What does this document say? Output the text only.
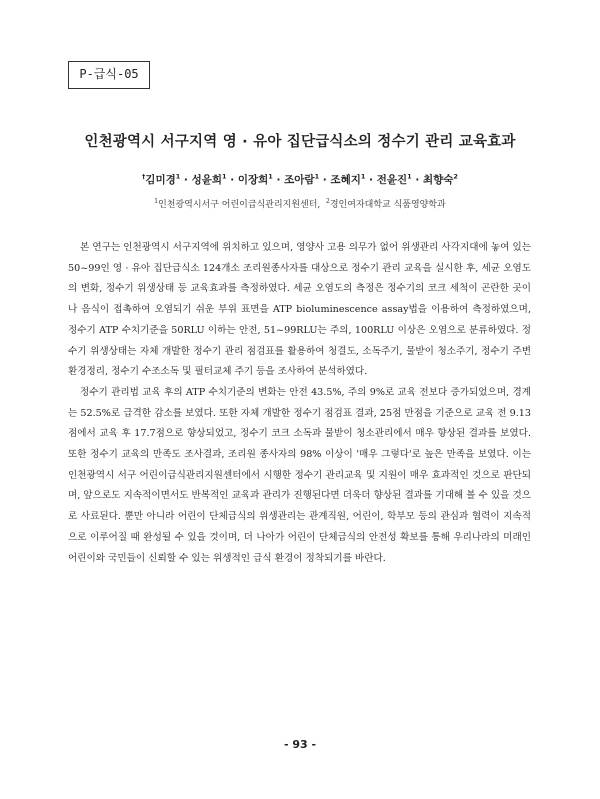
P-급식-05
인천광역시 서구지역 영 · 유아 집단급식소의 정수기 관리 교육효과
†김미경$^1$ · 성윤희$^1$ · 이장희$^1$ · 조아람$^1$ · 조혜지$^1$ · 전윤진$^1$ · 최향숙$^2$
$^1$인천광역시서구 어린이급식관리지원센터, $^2$경인여자대학교 식품영양학과

본 연구는 인천광역시 서구지역에 위치하고 있으며, 영양사 고용 의무가 없어 위생관리 사각지대에 놓여 있는 50~99인 영 · 유아 집단급식소 124개소 조리원종사자를 대상으로 정수기 관리 교육을 실시한 후, 세균 오염도의 변화, 정수기 위생상태 등 교육효과를 측정하였다. 세균 오염도의 측정은 정수기의 코크 세척이 곤란한 곳이나 음식이 접촉하여 오염되기 쉬운 부위 표면을 ATP bioluminescence assay법을 이용하여 측정하였으며, 정수기 ATP 수치기준을 50RLU 이하는 안전, 51~99RLU는 주의, 100RLU 이상은 오염으로 분류하였다. 정수기 위생상태는 자체 개발한 정수기 관리 점검표를 활용하여 청결도, 소독주기, 물받이 청소주기, 정수기 주변 환경정리, 정수기 수조소독 및 필터교체 주기 등을 조사하여 분석하였다.

정수기 관리법 교육 후의 ATP 수치기준의 변화는 안전 43.5%, 주의 9%로 교육 전보다 증가되었으며, 경계는 52.5%로 급격한 감소를 보였다. 또한 자체 개발한 정수기 점검표 결과, 25점 만점을 기준으로 교육 전 9.13점에서 교육 후 17.7점으로 향상되었고, 정수기 코크 소독과 물받이 청소관리에서 매우 향상된 결과를 보였다. 또한 정수기 교육의 만족도 조사결과, 조리원 종사자의 98% 이상이 '매우 그렇다'로 높은 만족을 보였다. 이는 인천광역시 서구 어린이급식관리지원센터에서 시행한 정수기 관리교육 및 지원이 매우 효과적인 것으로 판단되며, 앞으로도 지속적이면서도 반복적인 교육과 관리가 진행된다면 더욱더 향상된 결과를 기대해 볼 수 있을 것으로 사료된다. 뿐만 아니라 어린이 단체급식의 위생관리는 관계직원, 어린이, 학부모 등의 관심과 협력이 지속적으로 이루어질 때 완성될 수 있을 것이며, 더 나아가 어린이 단체급식의 안전성 확보를 통해 우리나라의 미래인 어린이와 국민들이 신뢰할 수 있는 위생적인 급식 환경이 정착되기를 바란다.

- 93 -
